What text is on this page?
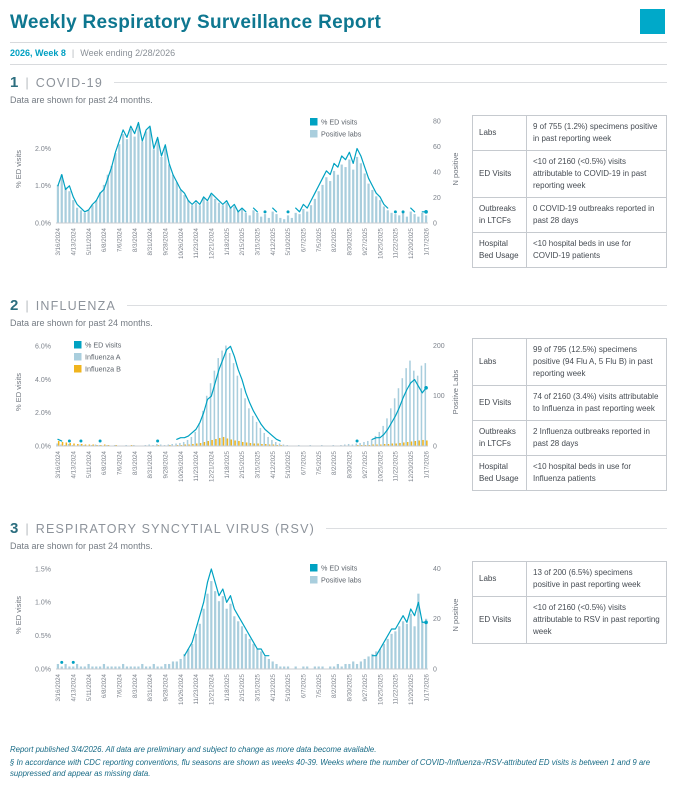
Weekly Respiratory Surveillance Report
2026, Week 8 | Week ending 2/28/2026
1 | COVID-19
Data are shown for past 24 months.
0.0%
1.0%
2.0%
0
20
40
60
80
% ED visits	N positive
3/16/2024 4/13/2024 5/11/2024 6/8/2024 7/6/2024 8/3/2024 8/31/2024 9/28/2024 10/26/2024 11/23/2024 12/21/2024 1/18/2025 2/15/2025 3/15/2025 4/12/2025 5/10/2025 6/7/2025 7/5/2025 8/2/2025 8/30/2025 9/27/2025 10/25/2025 11/22/2025 12/20/2025 1/17/2026
% ED visits
Positive labs	Labs	9 of 755 (1.2%) specimens positive in past reporting week
ED Visits	<10 of 2160 (<0.5%) visits attributable to COVID-19 in past reporting week
Outbreaks in LTCFs	0 COVID-19 outbreaks reported in past 28 days
Hospital Bed Usage	<10 hospital beds in use for COVID-19 patients
2 | INFLUENZA
Data are shown for past 24 months.
0.0%
2.0%
4.0%
6.0%
0
100
200
% ED visits	Positive Labs
3/16/2024 4/13/2024 5/11/2024 6/8/2024 7/6/2024 8/3/2024 8/31/2024 9/28/2024 10/26/2024 11/23/2024 12/21/2024 1/18/2025 2/15/2025 3/15/2025 4/12/2025 5/10/2025 6/7/2025 7/5/2025 8/2/2025 8/30/2025 9/27/2025 10/25/2025 11/22/2025 12/20/2025 1/17/2026
% ED visits
Influenza A
Influenza B
Labs	99 of 795 (12.5%) specimens positive (94 Flu A, 5 Flu B) in past reporting week
ED Visits	74 of 2160 (3.4%) visits attributable to Influenza in past reporting week
Outbreaks in LTCFs	2 Influenza outbreaks reported in past 28 days
Hospital Bed Usage	<10 hospital beds in use for Influenza patients
3 | RESPIRATORY SYNCYTIAL VIRUS (RSV)
Data are shown for past 24 months.
0.0%
0.5%
1.0%
1.5%
0
20
40
% ED visits	N positive
3/16/2024 4/13/2024 5/11/2024 6/8/2024 7/6/2024 8/3/2024 8/31/2024 9/28/2024 10/26/2024 11/23/2024 12/21/2024 1/18/2025 2/15/2025 3/15/2025 4/12/2025 5/10/2025 6/7/2025 7/5/2025 8/2/2025 8/30/2025 9/27/2025 10/25/2025 11/22/2025 12/20/2025 1/17/2026
% ED visits
Positive labs	Labs	13 of 200 (6.5%) specimens positive in past reporting week
ED Visits	<10 of 2160 (<0.5%) visits attributable to RSV in past reporting week

Report published 3/4/2026. All data are preliminary and subject to change as more data become available.

§ In accordance with CDC reporting conventions, flu seasons are shown as weeks 40-39. Weeks where the number of COVID-/Influenza-/RSV-attributed ED visits is between 1 and 9 are suppressed and appear as missing data.
